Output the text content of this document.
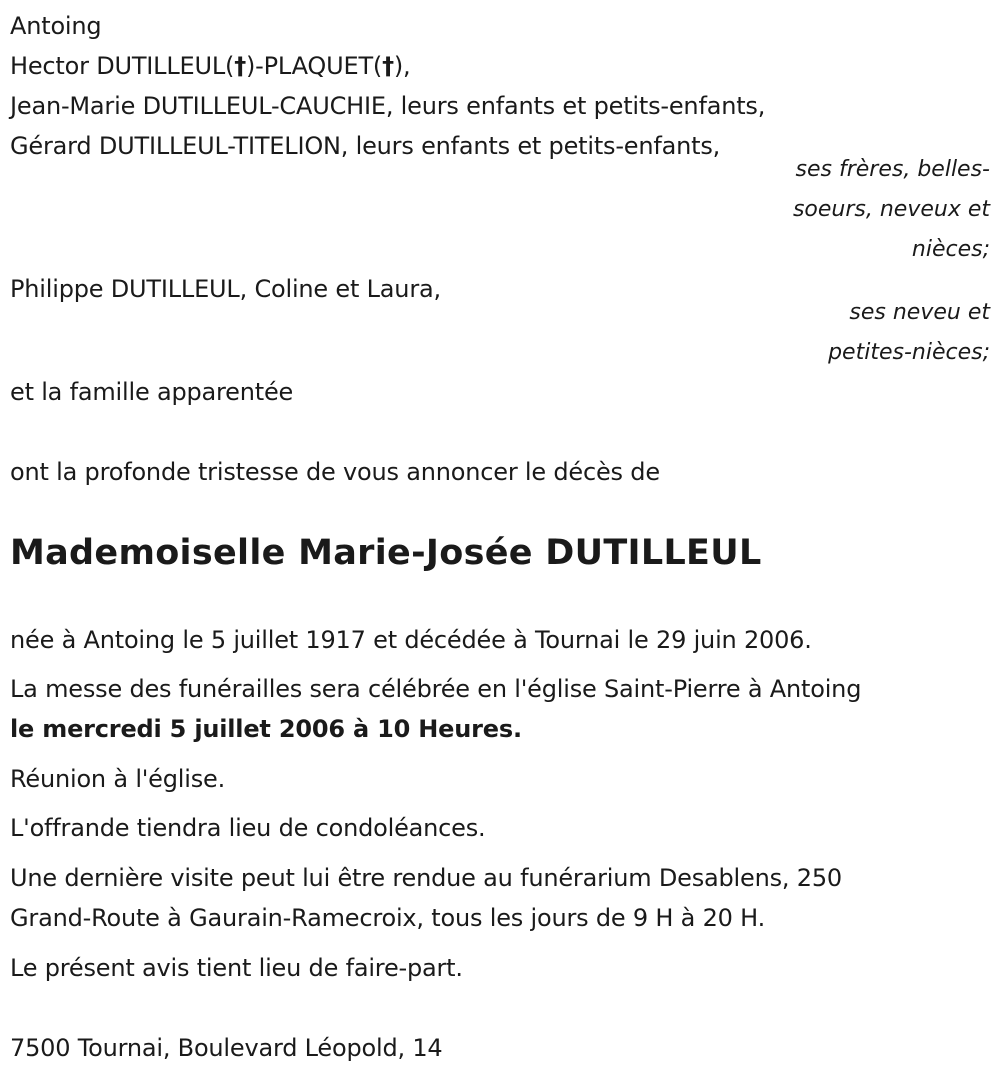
Antoing
Hector DUTILLEUL(†)-PLAQUET(†),
Jean-Marie DUTILLEUL-CAUCHIE, leurs enfants et petits-enfants,
Gérard DUTILLEUL-TITELION, leurs enfants et petits-enfants,
ses frères, belles-
soeurs, neveux et
nièces;
Philippe DUTILLEUL, Coline et Laura,
ses neveu et
petites-nièces;
et la famille apparentée
ont la profonde tristesse de vous annoncer le décès de
Mademoiselle Marie-Josée DUTILLEUL
née à Antoing le 5 juillet 1917 et décédée à Tournai le 29 juin 2006.
La messe des funérailles sera célébrée en l'église Saint-Pierre à Antoing
le mercredi 5 juillet 2006 à 10 Heures.
Réunion à l'église.
L'offrande tiendra lieu de condoléances.
Une dernière visite peut lui être rendue au funérarium Desablens, 250
Grand-Route à Gaurain-Ramecroix, tous les jours de 9 H à 20 H.
Le présent avis tient lieu de faire-part.
7500 Tournai, Boulevard Léopold, 14
